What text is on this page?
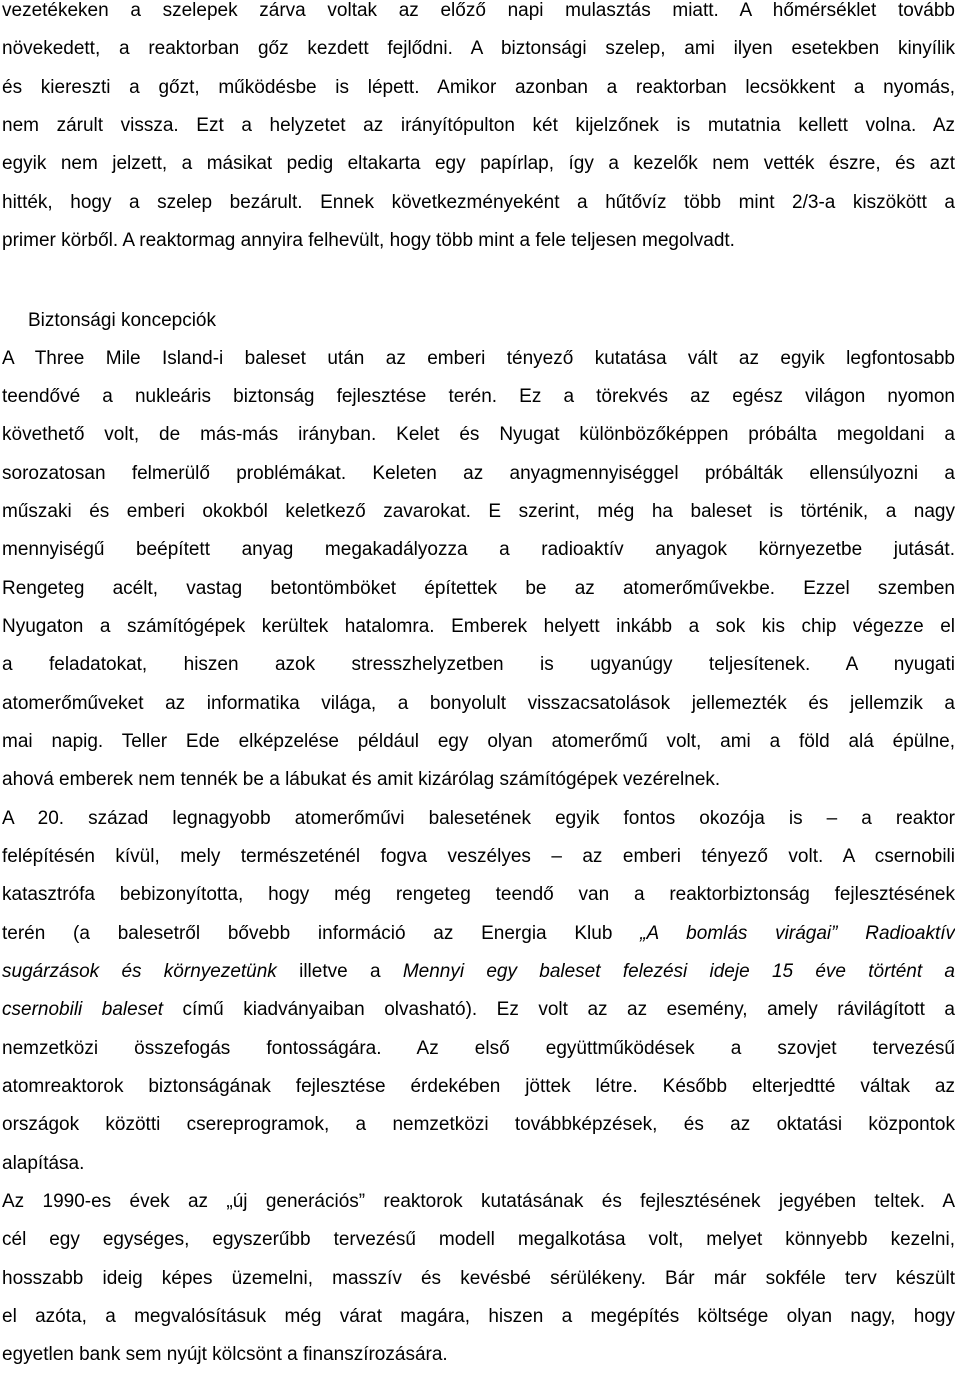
vezetékeken a szelepek zárva voltak az előző napi mulasztás miatt. A hőmérséklet tovább
növekedett, a reaktorban gőz kezdett fejlődni. A biztonsági szelep, ami ilyen esetekben kinyílik
és kiereszti a gőzt, működésbe is lépett. Amikor azonban a reaktorban lecsökkent a nyomás,
nem zárult vissza. Ezt a helyzetet az irányítópulton két kijelzőnek is mutatnia kellett volna. Az
egyik nem jelzett, a másikat pedig eltakarta egy papírlap, így a kezelők nem vették észre, és azt
hitték, hogy a szelep bezárult. Ennek következményeként a hűtővíz több mint 2/3-a kiszökött a
primer körből. A reaktormag annyira felhevült, hogy több mint a fele teljesen megolvadt.
Biztonsági koncepciók
A Three Mile Island-i baleset után az emberi tényező kutatása vált az egyik legfontosabb
teendővé a nukleáris biztonság fejlesztése terén. Ez a törekvés az egész világon nyomon
követhető volt, de más-más irányban. Kelet és Nyugat különbözőképpen próbálta megoldani a
sorozatosan felmerülő problémákat. Keleten az anyagmennyiséggel próbálták ellensúlyozni a
műszaki és emberi okokból keletkező zavarokat. E szerint, még ha baleset is történik, a nagy
mennyiségű beépített anyag megakadályozza a radioaktív anyagok környezetbe jutását.
Rengeteg acélt, vastag betontömböket építettek be az atomerőművekbe. Ezzel szemben
Nyugaton a számítógépek kerültek hatalomra. Emberek helyett inkább a sok kis chip végezze el
a feladatokat, hiszen azok stresszhelyzetben is ugyanúgy teljesítenek. A nyugati
atomerőműveket az informatika világa, a bonyolult visszacsatolások jellemezték és jellemzik a
mai napig. Teller Ede elképzelése például egy olyan atomerőmű volt, ami a föld alá épülne,
ahová emberek nem tennék be a lábukat és amit kizárólag számítógépek vezérelnek.
A 20. század legnagyobb atomerőművi balesetének egyik fontos okozója is – a reaktor
felépítésén kívül, mely természeténél fogva veszélyes – az emberi tényező volt. A csernobili
katasztrófa bebizonyította, hogy még rengeteg teendő van a reaktorbiztonság fejlesztésének
terén (a balesetről bővebb információ az Energia Klub „A bomlás virágai” Radioaktív
sugárzások és környezetünk illetve a Mennyi egy baleset felezési ideje 15 éve történt a
csernobili baleset című kiadványaiban olvasható). Ez volt az az esemény, amely rávilágított a
nemzetközi összefogás fontosságára. Az első együttműködések a szovjet tervezésű
atomreaktorok biztonságának fejlesztése érdekében jöttek létre. Később elterjedtté váltak az
országok közötti csereprogramok, a nemzetközi továbbképzések, és az oktatási központok
alapítása.
Az 1990-es évek az „új generációs” reaktorok kutatásának és fejlesztésének jegyében teltek. A
cél egy egységes, egyszerűbb tervezésű modell megalkotása volt, melyet könnyebb kezelni,
hosszabb ideig képes üzemelni, masszív és kevésbé sérülékeny. Bár már sokféle terv készült
el azóta, a megvalósításuk még várat magára, hiszen a megépítés költsége olyan nagy, hogy
egyetlen bank sem nyújt kölcsönt a finanszírozására.
